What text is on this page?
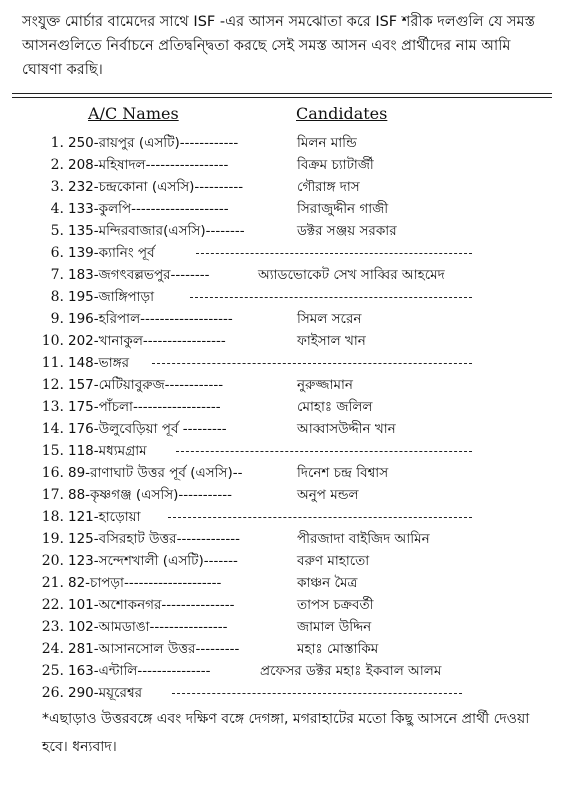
সংযুক্ত মোর্চার বামেদের সাথে ISF -এর আসন সমঝোতা করে ISF শরীক দলগুলি যে সমস্ত আসনগুলিতে নির্বাচনে প্রতিদ্বন্দ্বিতা করছে সেই সমস্ত আসন এবং প্রার্থীদের নাম আমি ঘোষণা করছি।

A/C Names	Candidates
1. 250-রায়পুর (এসটি)------------	মিলন মান্ডি
2. 208-মহিষাদল-----------------	বিক্রম চ্যাটার্জী
3. 232-চন্দ্রকোনা (এসসি)----------	গৌরাঙ্গ দাস
4. 133-কুলপি--------------------	সিরাজুদ্দীন গাজী
5. 135-মন্দিরবাজার(এসসি)--------	ডক্টর সঞ্জয় সরকার
6. 139-ক্যানিং পূর্ব
7. 183-জগৎবল্লভপুর--------	অ্যাডভোকেট সেখ সাব্বির আহমেদ
8. 195-জাঙ্গিপাড়া
9. 196-হরিপাল-------------------	সিমল সরেন
10. 202-খানাকুল-----------------	ফাইসাল খান
11. 148-ভাঙ্গর
12. 157-মেটিয়াবুরুজ------------	নুরুজ্জামান
13. 175-পাঁচলা------------------	মোহাঃ জলিল
14. 176-উলুবেড়িয়া পূর্ব ---------	আব্বাসউদ্দীন খান
15. 118-মধ্যমগ্রাম
16. 89-রাণাঘাট উত্তর পূর্ব (এসসি)--	দিনেশ চন্দ্র বিশ্বাস
17. 88-কৃষ্ণগঞ্জ (এসসি)-----------	অনুপ মন্ডল
18. 121-হাড়োয়া
19. 125-বসিরহাট উত্তর-------------	পীরজাদা বাইজিদ আমিন
20. 123-সন্দেশখালী (এসটি)-------	বরুণ মাহাতো
21. 82-চাপড়া--------------------	কাঞ্চন মৈত্র
22. 101-অশোকনগর---------------	তাপস চক্রবর্তী
23. 102-আমডাঙা----------------	জামাল উদ্দিন
24. 281-আসানসোল উত্তর---------	মহাঃ মোস্তাকিম
25. 163-এন্টালি---------------	প্রফেসর ডক্টর মহাঃ ইকবাল আলম
26. 290-ময়ূরেশ্বর

*এছাড়াও উত্তরবঙ্গে এবং দক্ষিণ বঙ্গে দেগঙ্গা, মগরাহাটের মতো কিছু আসনে প্রার্থী দেওয়া হবে। ধন্যবাদ।
